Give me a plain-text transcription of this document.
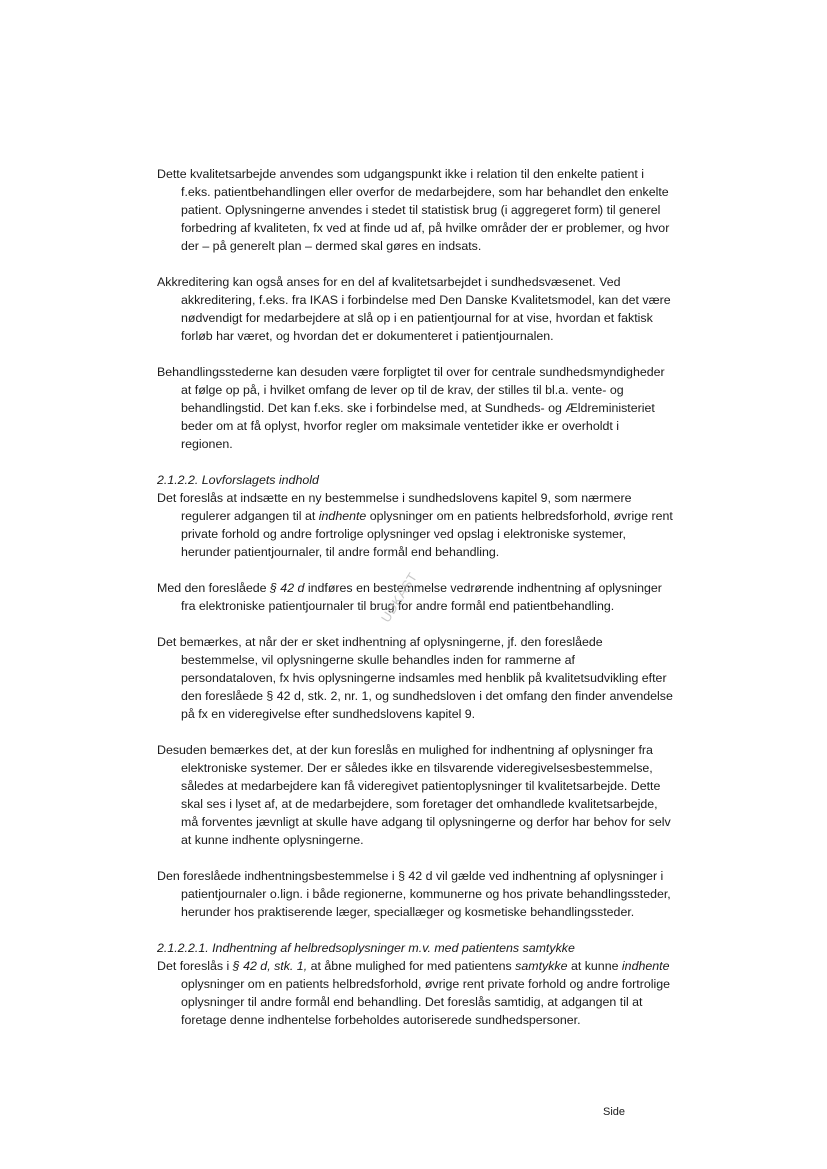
Dette kvalitetsarbejde anvendes som udgangspunkt ikke i relation til den enkelte patient i f.eks. patientbehandlingen eller overfor de medarbejdere, som har behandlet den enkelte patient. Oplysningerne anvendes i stedet til statistisk brug (i aggregeret form) til generel forbedring af kvaliteten, fx ved at finde ud af, på hvilke områder der er problemer, og hvor der – på generelt plan – dermed skal gøres en indsats.

Akkreditering kan også anses for en del af kvalitetsarbejdet i sundhedsvæsenet. Ved akkreditering, f.eks. fra IKAS i forbindelse med Den Danske Kvalitetsmodel, kan det være nødvendigt for medarbejdere at slå op i en patientjournal for at vise, hvordan et faktisk forløb har været, og hvordan det er dokumenteret i patientjournalen.

Behandlingsstederne kan desuden være forpligtet til over for centrale sundhedsmyndigheder at følge op på, i hvilket omfang de lever op til de krav, der stilles til bl.a. vente- og behandlingstid. Det kan f.eks. ske i forbindelse med, at Sundheds- og Ældreministeriet beder om at få oplyst, hvorfor regler om maksimale ventetider ikke er overholdt i regionen.

2.1.2.2. Lovforslagets indhold

Det foreslås at indsætte en ny bestemmelse i sundhedslovens kapitel 9, som nærmere regulerer adgangen til at indhente oplysninger om en patients helbredsforhold, øvrige rent private forhold og andre fortrolige oplysninger ved opslag i elektroniske systemer, herunder patientjournaler, til andre formål end behandling.

Med den foreslåede § 42 d indføres en bestemmelse vedrørende indhentning af oplysninger fra elektroniske patientjournaler til brug for andre formål end patientbehandling.

Det bemærkes, at når der er sket indhentning af oplysningerne, jf. den foreslåede bestemmelse, vil oplysningerne skulle behandles inden for rammerne af persondataloven, fx hvis oplysningerne indsamles med henblik på kvalitetsudvikling efter den foreslåede § 42 d, stk. 2, nr. 1, og sundhedsloven i det omfang den finder anvendelse på fx en videregivelse efter sundhedslovens kapitel 9.

Desuden bemærkes det, at der kun foreslås en mulighed for indhentning af oplysninger fra elektroniske systemer. Der er således ikke en tilsvarende videregivelsesbestemmelse, således at medarbejdere kan få videregivet patientoplysninger til kvalitetsarbejde. Dette skal ses i lyset af, at de medarbejdere, som foretager det omhandlede kvalitetsarbejde, må forventes jævnligt at skulle have adgang til oplysningerne og derfor har behov for selv at kunne indhente oplysningerne.

Den foreslåede indhentningsbestemmelse i § 42 d vil gælde ved indhentning af oplysninger i patientjournaler o.lign. i både regionerne, kommunerne og hos private behandlingssteder, herunder hos praktiserende læger, speciallæger og kosmetiske behandlingssteder.

2.1.2.2.1. Indhentning af helbredsoplysninger m.v. med patientens samtykke

Det foreslås i § 42 d, stk. 1, at åbne mulighed for med patientens samtykke at kunne indhente oplysninger om en patients helbredsforhold, øvrige rent private forhold og andre fortrolige oplysninger til andre formål end behandling. Det foreslås samtidig, at adgangen til at foretage denne indhentelse forbeholdes autoriserede sundhedspersoner.

UDKAST
Side
